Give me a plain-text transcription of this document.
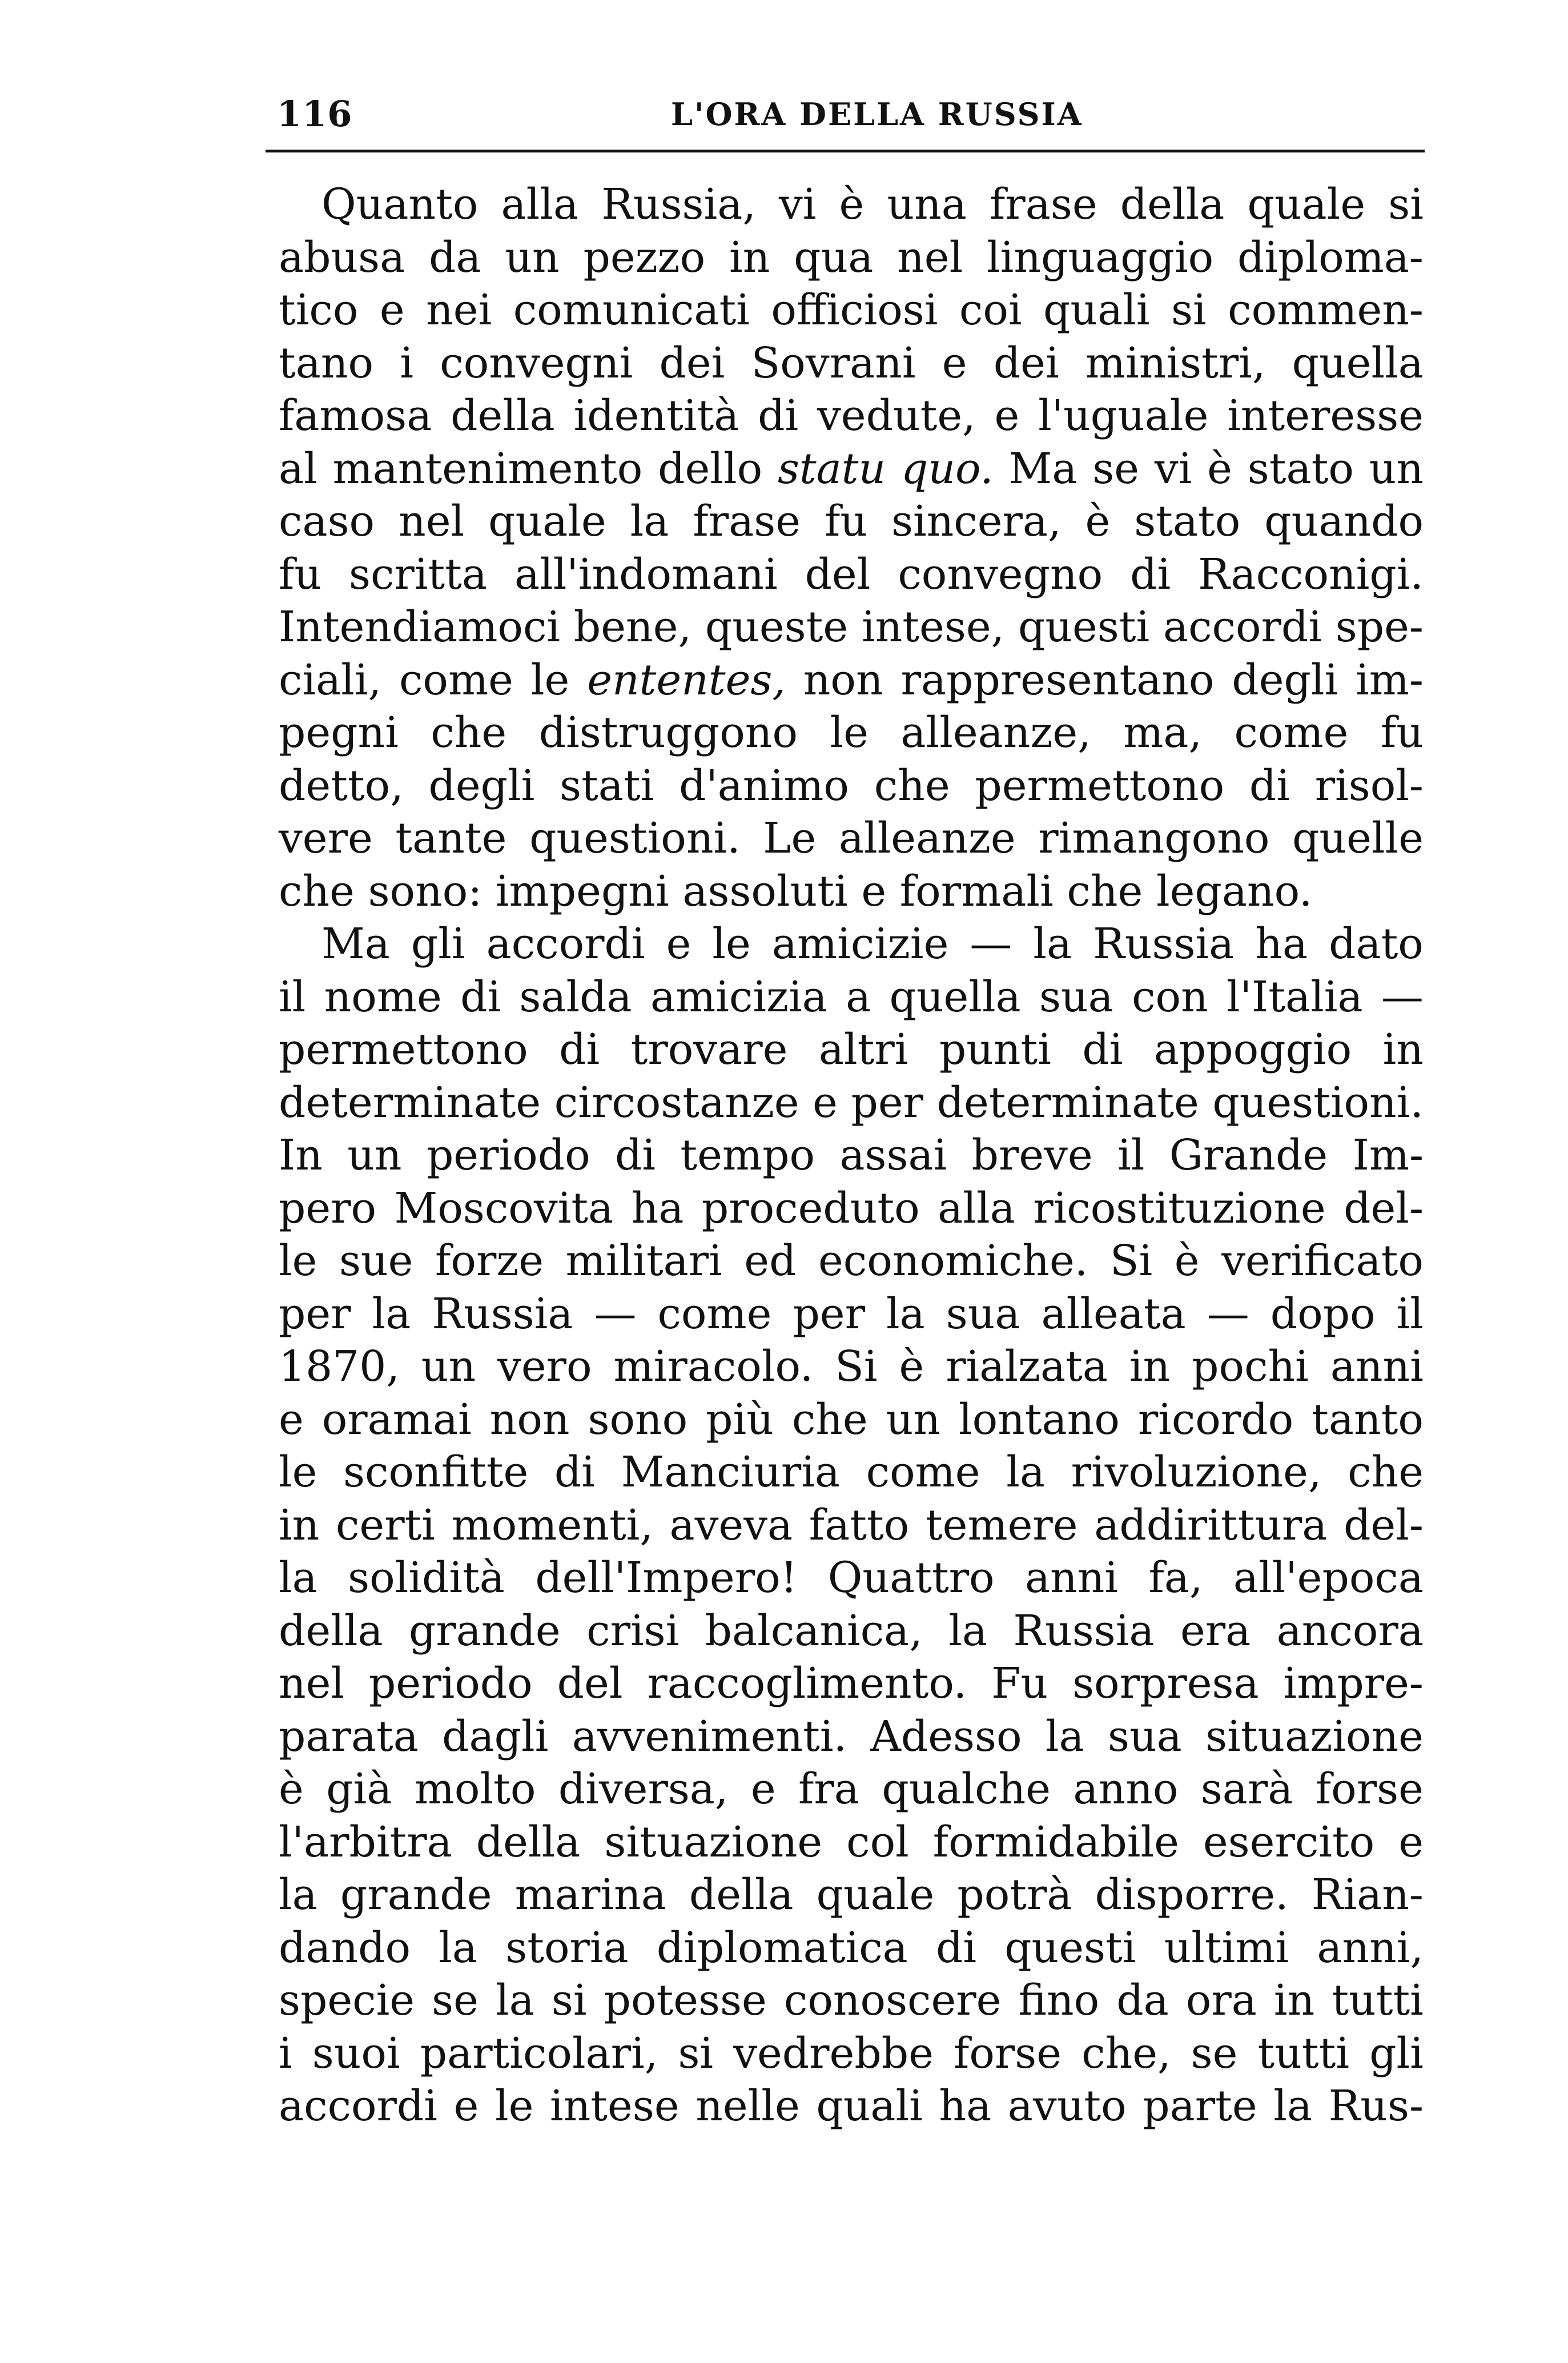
116	L'ORA DELLA RUSSIA
Quanto alla Russia, vi è una frase della quale si
abusa da un pezzo in qua nel linguaggio diploma-
tico e nei comunicati officiosi coi quali si commen-
tano i convegni dei Sovrani e dei ministri, quella
famosa della identità di vedute, e l'uguale interesse
al mantenimento dello statu quo. Ma se vi è stato un
caso nel quale la frase fu sincera, è stato quando
fu scritta all'indomani del convegno di Racconigi.
Intendiamoci bene, queste intese, questi accordi spe-
ciali, come le ententes, non rappresentano degli im-
pegni che distruggono le alleanze, ma, come fu
detto, degli stati d'animo che permettono di risol-
vere tante questioni. Le alleanze rimangono quelle
che sono: impegni assoluti e formali che legano.
Ma gli accordi e le amicizie — la Russia ha dato
il nome di salda amicizia a quella sua con l'Italia —
permettono di trovare altri punti di appoggio in
determinate circostanze e per determinate questioni.
In un periodo di tempo assai breve il Grande Im-
pero Moscovita ha proceduto alla ricostituzione del-
le sue forze militari ed economiche. Si è verificato
per la Russia — come per la sua alleata — dopo il
1870, un vero miracolo. Si è rialzata in pochi anni
e oramai non sono più che un lontano ricordo tanto
le sconfitte di Manciuria come la rivoluzione, che
in certi momenti, aveva fatto temere addirittura del-
la solidità dell'Impero! Quattro anni fa, all'epoca
della grande crisi balcanica, la Russia era ancora
nel periodo del raccoglimento. Fu sorpresa impre-
parata dagli avvenimenti. Adesso la sua situazione
è già molto diversa, e fra qualche anno sarà forse
l'arbitra della situazione col formidabile esercito e
la grande marina della quale potrà disporre. Rian-
dando la storia diplomatica di questi ultimi anni,
specie se la si potesse conoscere fino da ora in tutti
i suoi particolari, si vedrebbe forse che, se tutti gli
accordi e le intese nelle quali ha avuto parte la Rus-
